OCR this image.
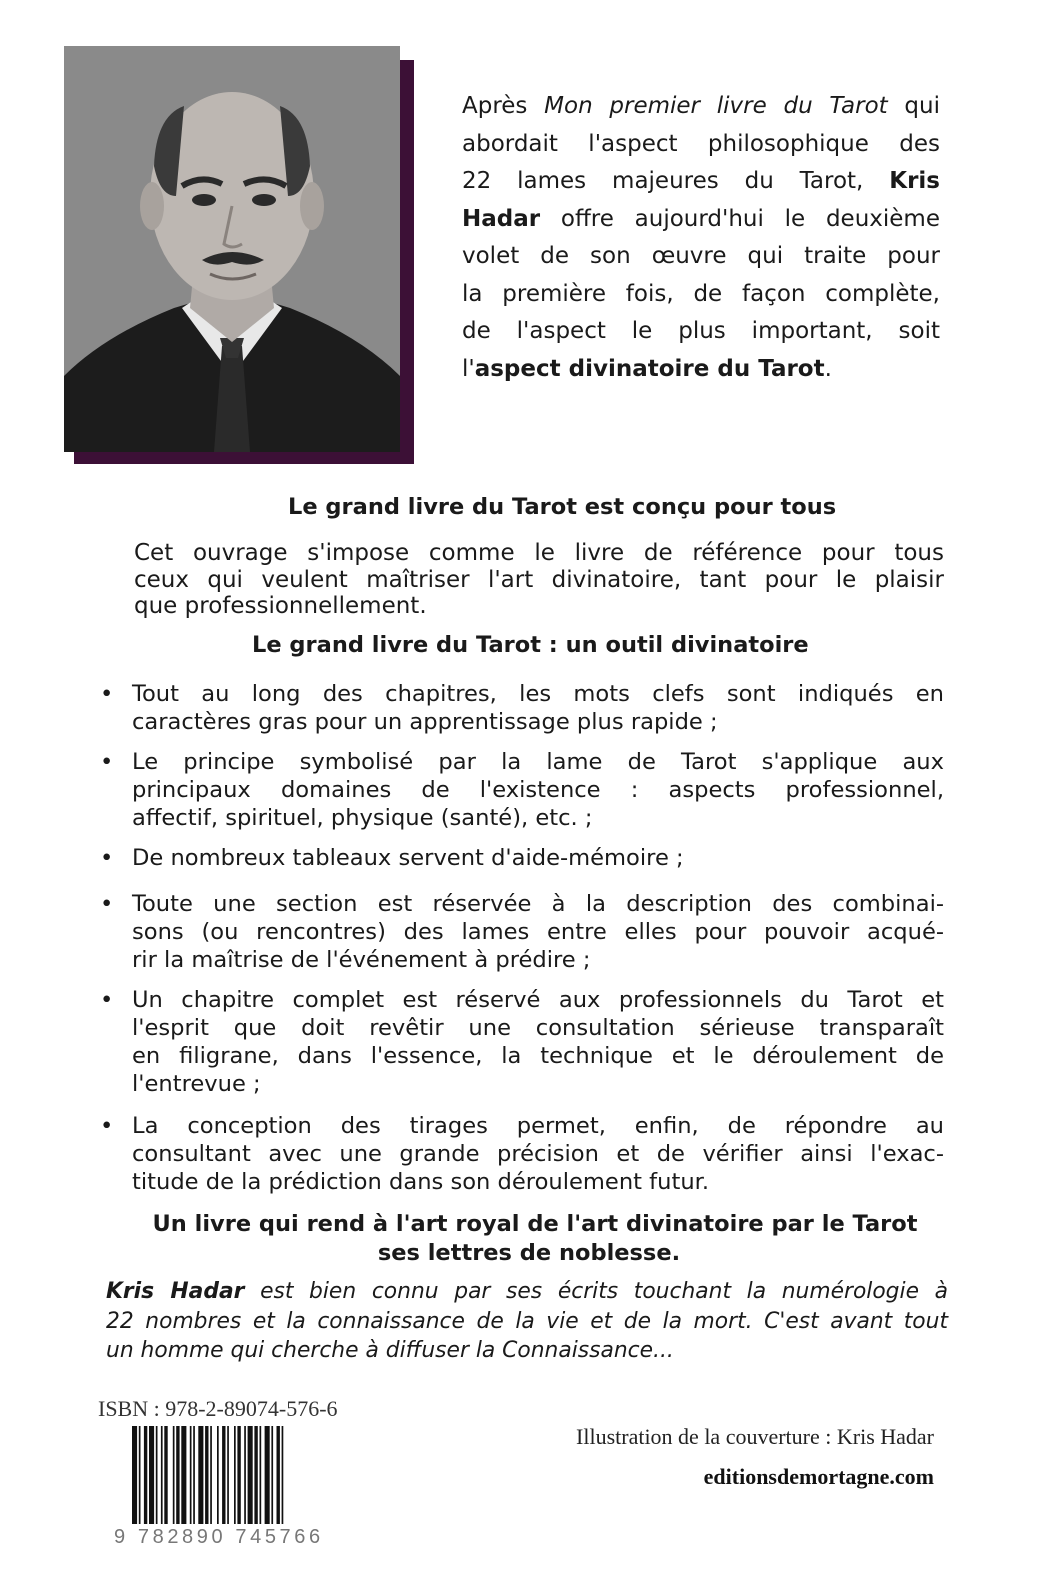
Après Mon premier livre du Tarot qui
abordait l'aspect philosophique des
22 lames majeures du Tarot, Kris
Hadar offre aujourd'hui le deuxième
volet de son œuvre qui traite pour
la première fois, de façon complète,
de l'aspect le plus important, soit
l'aspect divinatoire du Tarot.
Le grand livre du Tarot est conçu pour tous
Cet ouvrage s'impose comme le livre de référence pour tous
ceux qui veulent maîtriser l'art divinatoire, tant pour le plaisir
que professionnellement.
Le grand livre du Tarot : un outil divinatoire
• Tout au long des chapitres, les mots clefs sont indiqués en
caractères gras pour un apprentissage plus rapide ;
• Le principe symbolisé par la lame de Tarot s'applique aux
principaux domaines de l'existence : aspects professionnel,
affectif, spirituel, physique (santé), etc. ;
• De nombreux tableaux servent d'aide-mémoire ;
• Toute une section est réservée à la description des combinai-
sons (ou rencontres) des lames entre elles pour pouvoir acqué-
rir la maîtrise de l'événement à prédire ;
• Un chapitre complet est réservé aux professionnels du Tarot et
l'esprit que doit revêtir une consultation sérieuse transparaît
en filigrane, dans l'essence, la technique et le déroulement de
l'entrevue ;
• La conception des tirages permet, enfin, de répondre au
consultant avec une grande précision et de vérifier ainsi l'exac-
titude de la prédiction dans son déroulement futur.
Un livre qui rend à l'art royal de l'art divinatoire par le Tarot
ses lettres de noblesse.
Kris Hadar est bien connu par ses écrits touchant la numérologie à
22 nombres et la connaissance de la vie et de la mort. C'est avant tout
un homme qui cherche à diffuser la Connaissance...
ISBN : 978-2-89074-576-6
9 782890 745766
Illustration de la couverture : Kris Hadar
editionsdemortagne.com
